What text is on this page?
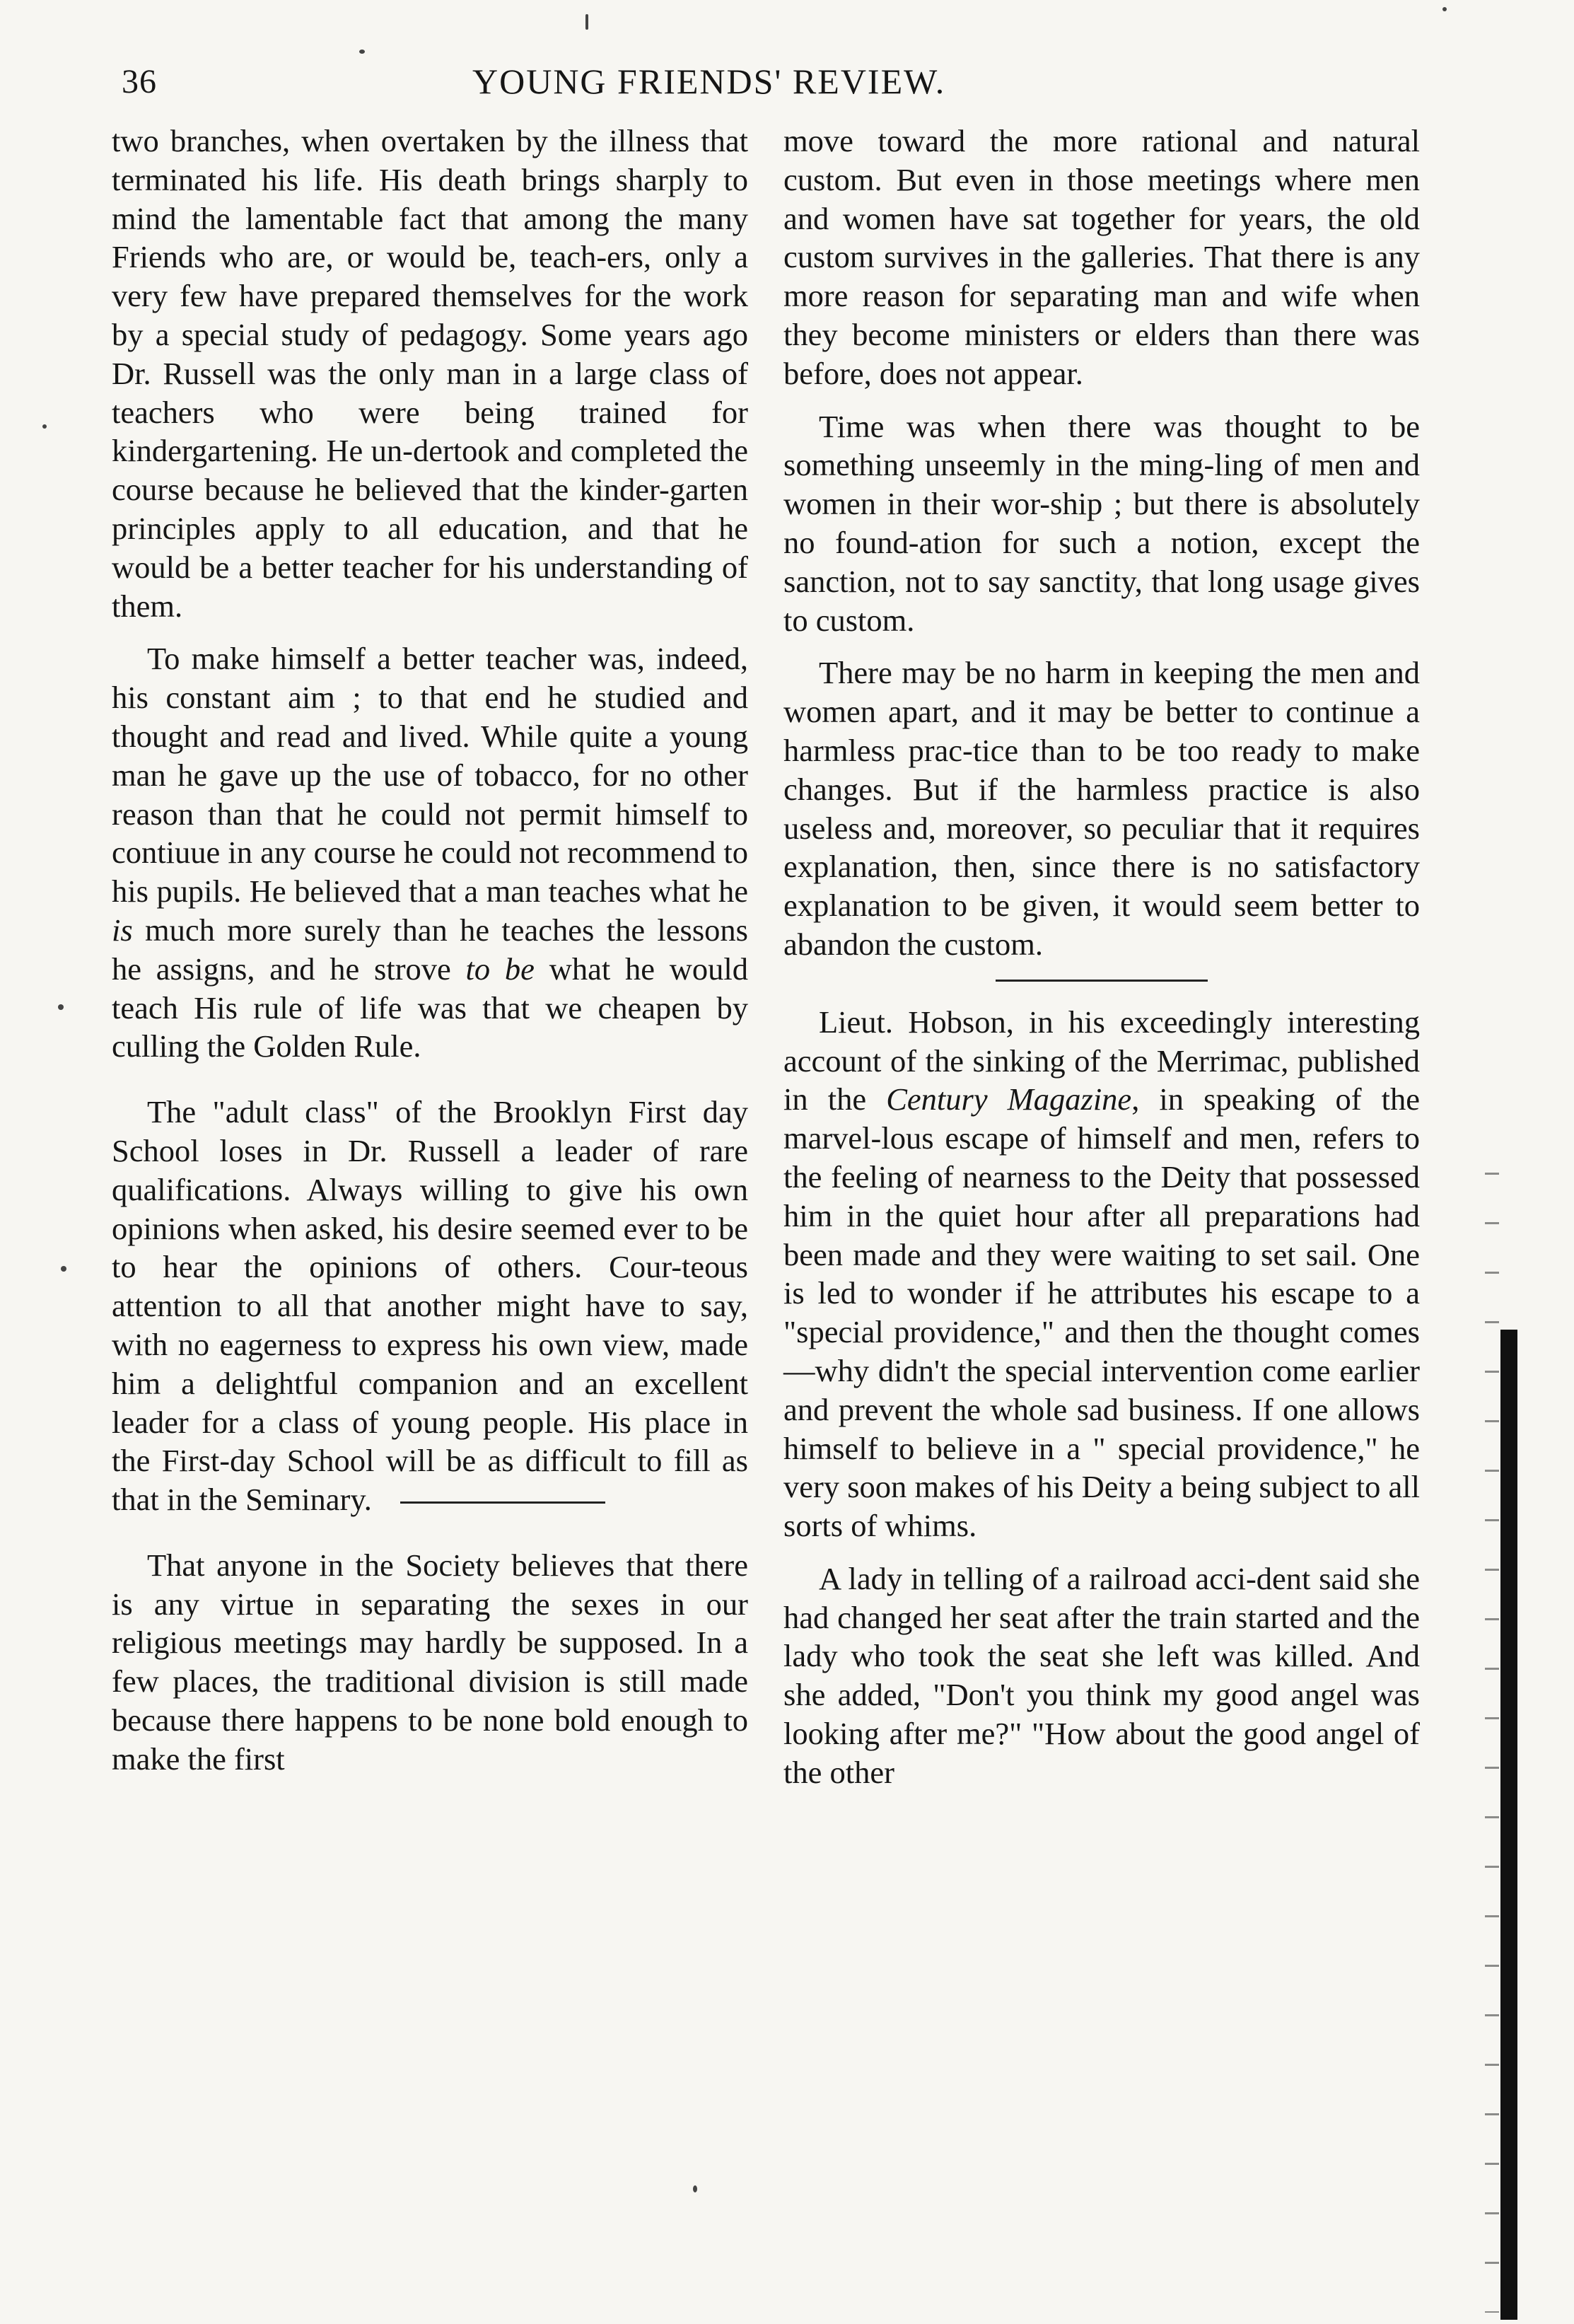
36	YOUNG FRIENDS' REVIEW.

two branches, when overtaken by the illness that terminated his life. His death brings sharply to mind the lamentable fact that among the many Friends who are, or would be, teach-ers, only a very few have prepared themselves for the work by a special study of pedagogy. Some years ago Dr. Russell was the only man in a large class of teachers who were being trained for kindergartening. He un-dertook and completed the course because he believed that the kinder-garten principles apply to all education, and that he would be a better teacher for his understanding of them.

To make himself a better teacher was, indeed, his constant aim ; to that end he studied and thought and read and lived. While quite a young man he gave up the use of tobacco, for no other reason than that he could not permit himself to contiuue in any course he could not recommend to his pupils. He believed that a man teaches what he is much more surely than he teaches the lessons he assigns, and he strove to be what he would teach His rule of life was that we cheapen by culling the Golden Rule.

The "adult class" of the Brooklyn First day School loses in Dr. Russell a leader of rare qualifications. Always willing to give his own opinions when asked, his desire seemed ever to be to hear the opinions of others. Cour-teous attention to all that another might have to say, with no eagerness to express his own view, made him a delightful companion and an excellent leader for a class of young people. His place in the First-day School will be as difficult to fill as that in the Seminary.

That anyone in the Society believes that there is any virtue in separating the sexes in our religious meetings may hardly be supposed. In a few places, the traditional division is still made because there happens to be none bold enough to make the first

move toward the more rational and natural custom. But even in those meetings where men and women have sat together for years, the old custom survives in the galleries. That there is any more reason for separating man and wife when they become ministers or elders than there was before, does not appear.

Time was when there was thought to be something unseemly in the ming-ling of men and women in their wor-ship ; but there is absolutely no found-ation for such a notion, except the sanction, not to say sanctity, that long usage gives to custom.

There may be no harm in keeping the men and women apart, and it may be better to continue a harmless prac-tice than to be too ready to make changes. But if the harmless practice is also useless and, moreover, so peculiar that it requires explanation, then, since there is no satisfactory explanation to be given, it would seem better to abandon the custom.

Lieut. Hobson, in his exceedingly interesting account of the sinking of the Merrimac, published in the Century Magazine, in speaking of the marvel-lous escape of himself and men, refers to the feeling of nearness to the Deity that possessed him in the quiet hour after all preparations had been made and they were waiting to set sail. One is led to wonder if he attributes his escape to a "special providence," and then the thought comes—why didn't the special intervention come earlier and prevent the whole sad business. If one allows himself to believe in a " special providence," he very soon makes of his Deity a being subject to all sorts of whims.

A lady in telling of a railroad acci-dent said she had changed her seat after the train started and the lady who took the seat she left was killed. And she added, "Don't you think my good angel was looking after me?" "How about the good angel of the other
